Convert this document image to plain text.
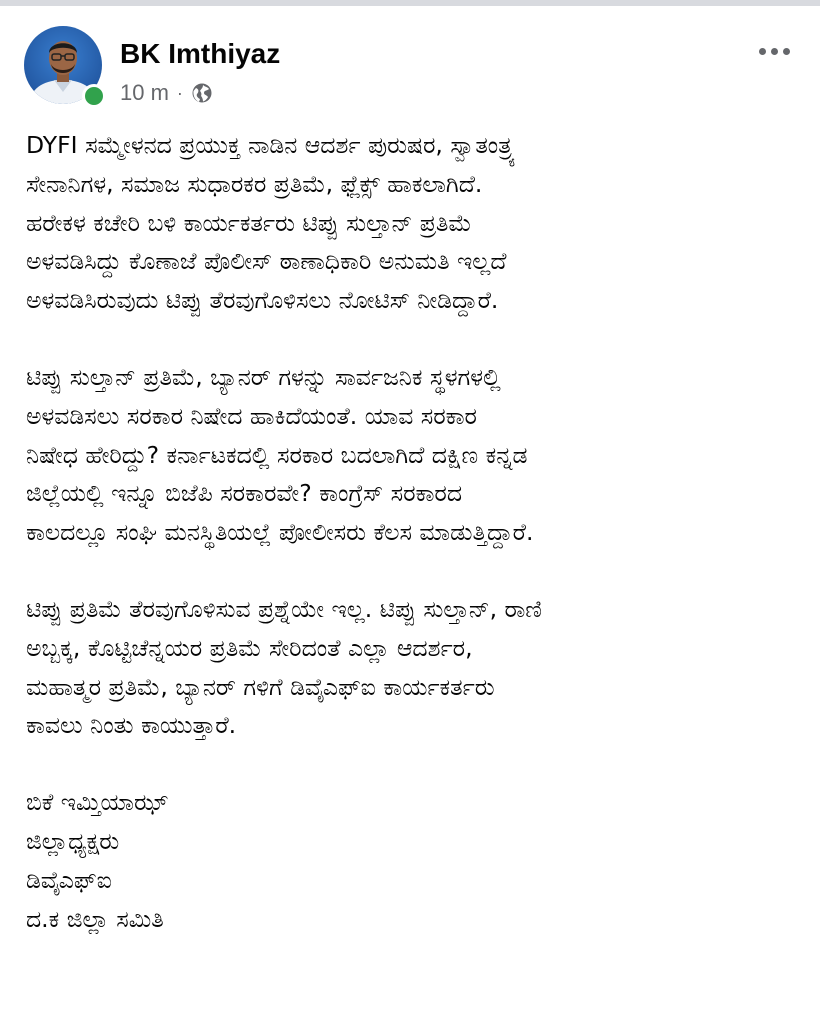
BK Imthiyaz
10 m ·

DYFI ಸಮ್ಮೇಳನದ ಪ್ರಯುಕ್ತ ನಾಡಿನ ಆದರ್ಶ ಪುರುಷರ, ಸ್ವಾತಂತ್ರ್ಯ
ಸೇನಾನಿಗಳ, ಸಮಾಜ ಸುಧಾರಕರ ಪ್ರತಿಮೆ, ಫ್ಲೆಕ್ಸ್ ಹಾಕಲಾಗಿದೆ.
ಹರೇಕಳ ಕಚೇರಿ ಬಳಿ ಕಾರ್ಯಕರ್ತರು ಟಿಪ್ಪು ಸುಲ್ತಾನ್ ಪ್ರತಿಮೆ
ಅಳವಡಿಸಿದ್ದು ಕೊಣಾಜೆ ಪೊಲೀಸ್ ಠಾಣಾಧಿಕಾರಿ ಅನುಮತಿ ಇಲ್ಲದೆ
ಅಳವಡಿಸಿರುವುದು ಟಿಪ್ಪು ತೆರವುಗೊಳಿಸಲು ನೋಟಿಸ್ ನೀಡಿದ್ದಾರೆ.

ಟಿಪ್ಪು ಸುಲ್ತಾನ್ ಪ್ರತಿಮೆ, ಬ್ಯಾನರ್ ಗಳನ್ನು ಸಾರ್ವಜನಿಕ ಸ್ಥಳಗಳಲ್ಲಿ
ಅಳವಡಿಸಲು ಸರಕಾರ ನಿಷೇದ ಹಾಕಿದೆಯಂತೆ. ಯಾವ ಸರಕಾರ
ನಿಷೇಧ ಹೇರಿದ್ದು? ಕರ್ನಾಟಕದಲ್ಲಿ ಸರಕಾರ ಬದಲಾಗಿದೆ ದಕ್ಷಿಣ ಕನ್ನಡ
ಜಿಲ್ಲೆಯಲ್ಲಿ ಇನ್ನೂ ಬಿಜೆಪಿ ಸರಕಾರವೇ? ಕಾಂಗ್ರೆಸ್ ಸರಕಾರದ
ಕಾಲದಲ್ಲೂ ಸಂಘಿ ಮನಸ್ಥಿತಿಯಲ್ಲೆ ಪೋಲೀಸರು ಕೆಲಸ ಮಾಡುತ್ತಿದ್ದಾರೆ.

ಟಿಪ್ಪು ಪ್ರತಿಮೆ ತೆರವುಗೊಳಿಸುವ ಪ್ರಶ್ನೆಯೇ ಇಲ್ಲ. ಟಿಪ್ಪು ಸುಲ್ತಾನ್, ರಾಣಿ
ಅಬ್ಬಕ್ಕ, ಕೊಟ್ಟಿಚೆನ್ನಯರ ಪ್ರತಿಮೆ ಸೇರಿದಂತೆ ಎಲ್ಲಾ ಆದರ್ಶರ,
ಮಹಾತ್ಮರ ಪ್ರತಿಮೆ, ಬ್ಯಾನರ್ ಗಳಿಗೆ ಡಿವೈಎಫ್ಐ ಕಾರ್ಯಕರ್ತರು
ಕಾವಲು ನಿಂತು ಕಾಯುತ್ತಾರೆ.

ಬಿಕೆ ಇಮ್ತಿಯಾಝ್
ಜಿಲ್ಲಾಧ್ಯಕ್ಷರು
ಡಿವೈಎಫ್ಐ
ದ.ಕ ಜಿಲ್ಲಾ ಸಮಿತಿ
